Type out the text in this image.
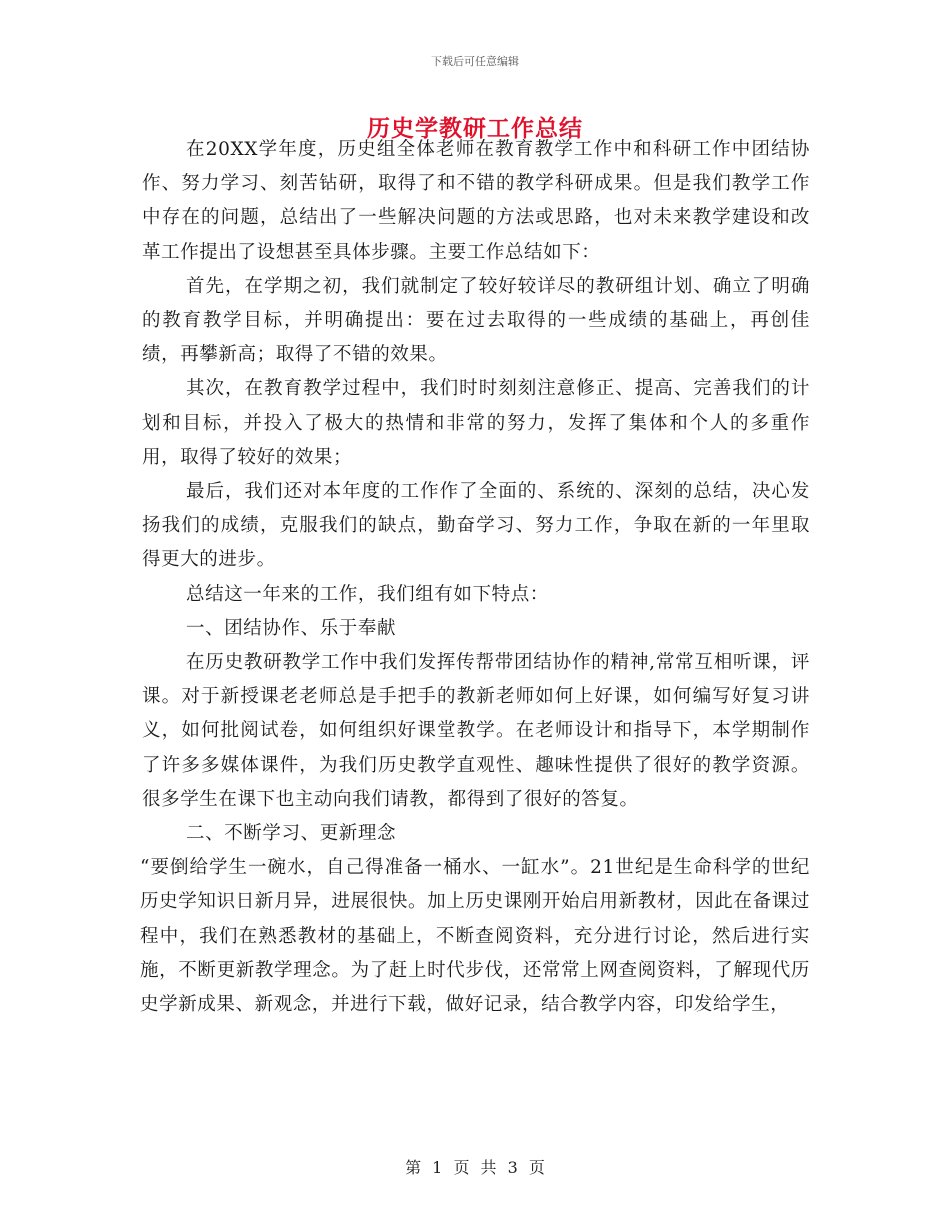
下载后可任意编辑
历史学教研工作总结

在20XX学年度，历史组全体老师在教育教学工作中和科研工作中团结协作、努力学习、刻苦钻研，取得了和不错的教学科研成果。但是我们教学工作中存在的问题，总结出了一些解决问题的方法或思路，也对未来教学建设和改革工作提出了设想甚至具体步骤。主要工作总结如下：

首先，在学期之初，我们就制定了较好较详尽的教研组计划、确立了明确的教育教学目标，并明确提出：要在过去取得的一些成绩的基础上，再创佳绩，再攀新高；取得了不错的效果。

其次，在教育教学过程中，我们时时刻刻注意修正、提高、完善我们的计划和目标，并投入了极大的热情和非常的努力，发挥了集体和个人的多重作用，取得了较好的效果；

最后，我们还对本年度的工作作了全面的、系统的、深刻的总结，决心发扬我们的成绩，克服我们的缺点，勤奋学习、努力工作，争取在新的一年里取得更大的进步。

总结这一年来的工作，我们组有如下特点：

一、团结协作、乐于奉献

在历史教研教学工作中我们发挥传帮带团结协作的精神,常常互相听课，评课。对于新授课老老师总是手把手的教新老师如何上好课，如何编写好复习讲义，如何批阅试卷，如何组织好课堂教学。在老师设计和指导下，本学期制作了许多多媒体课件，为我们历史教学直观性、趣味性提供了很好的教学资源。很多学生在课下也主动向我们请教，都得到了很好的答复。

二、不断学习、更新理念

“要倒给学生一碗水，自己得准备一桶水、一缸水”。21世纪是生命科学的世纪历史学知识日新月异，进展很快。加上历史课刚开始启用新教材，因此在备课过程中，我们在熟悉教材的基础上，不断查阅资料，充分进行讨论，然后进行实施，不断更新教学理念。为了赶上时代步伐，还常常上网查阅资料，了解现代历史学新成果、新观念，并进行下载，做好记录，结合教学内容，印发给学生，

第 1 页 共 3 页
